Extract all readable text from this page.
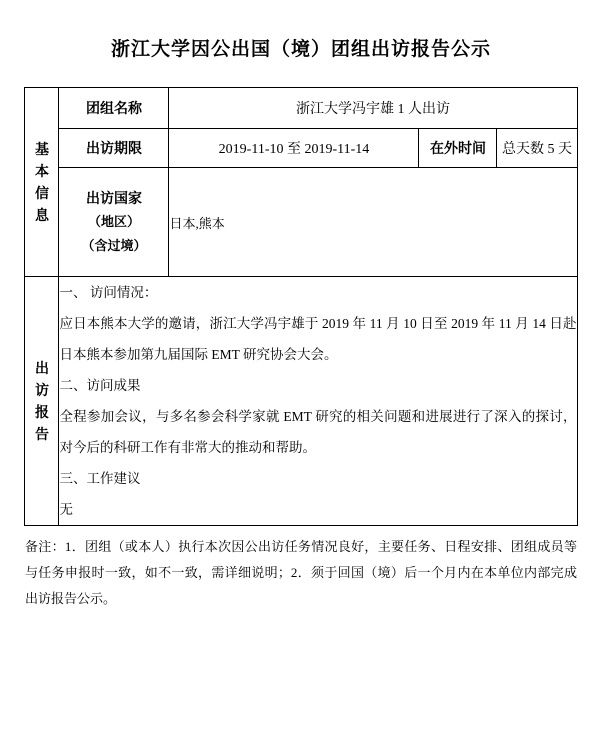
浙江大学因公出国（境）团组出访报告公示
基
本
信
息	团组名称	浙江大学冯宇雄 1 人出访		
	出访期限	2019-11-10 至 2019-11-14	在外时间	总天数 5 天

	出访国家
（地区）
（含过境）	日本,熊本		

出
访
报
告

一、 访问情况：

应日本熊本大学的邀请，浙江大学冯宇雄于 2019 年 11 月 10 日至 2019 年 11 月 14 日赴日本熊本参加第九届国际 EMT 研究协会大会。

二、访问成果

全程参加会议，与多名参会科学家就 EMT 研究的相关问题和进展进行了深入的探讨，对今后的科研工作有非常大的推动和帮助。

三、工作建议

无

备注：1．团组（或本人）执行本次因公出访任务情况良好，主要任务、日程安排、团组成员等与任务申报时一致，如不一致，需详细说明；2．须于回国（境）后一个月内在本单位内部完成出访报告公示。
